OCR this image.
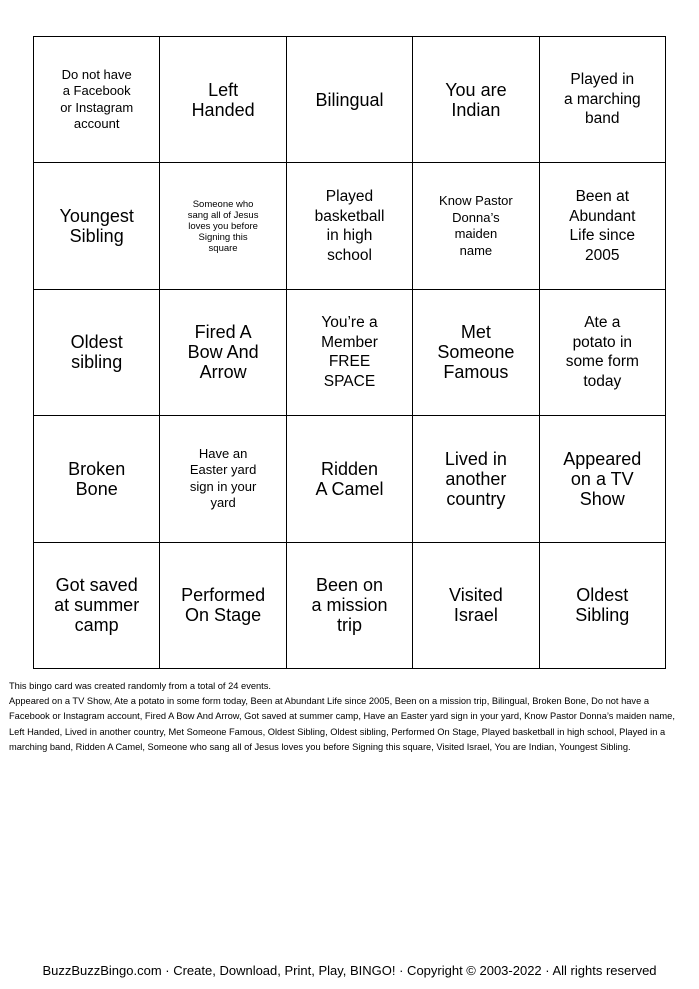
Do not have
a Facebook
or Instagram
account
Left
Handed	Bilingual	You are
Indian
Played in
a marching
band
Youngest
Sibling
Someone who
sang all of Jesus
loves you before
Signing this
square
Played
basketball
in high
school
Know Pastor
Donna’s
maiden
name
Been at
Abundant
Life since
2005
Oldest
sibling
Fired A
Bow And
Arrow
You’re a
Member
FREE
SPACE
Met
Someone
Famous
Ate a
potato in
some form
today
Broken
Bone
Have an
Easter yard
sign in your
yard
Ridden
A Camel
Lived in
another
country
Appeared
on a TV
Show
Got saved
at summer
camp
Performed
On Stage
Been on
a mission
trip
Visited
Israel
Oldest
Sibling

This bingo card was created randomly from a total of 24 events.

Appeared on a TV Show, Ate a potato in some form today, Been at Abundant Life since 2005, Been on a mission trip, Bilingual, Broken Bone, Do not have a Facebook or Instagram account, Fired A Bow And Arrow, Got saved at summer camp, Have an Easter yard sign in your yard, Know Pastor Donna’s maiden name, Left Handed, Lived in another country, Met Someone Famous, Oldest Sibling, Oldest sibling, Performed On Stage, Played basketball in high school, Played in a marching band, Ridden A Camel, Someone who sang all of Jesus loves you before Signing this square, Visited Israel, You are Indian, Youngest Sibling.

BuzzBuzzBingo.com · Create, Download, Print, Play, BINGO! · Copyright © 2003-2022 · All rights reserved
